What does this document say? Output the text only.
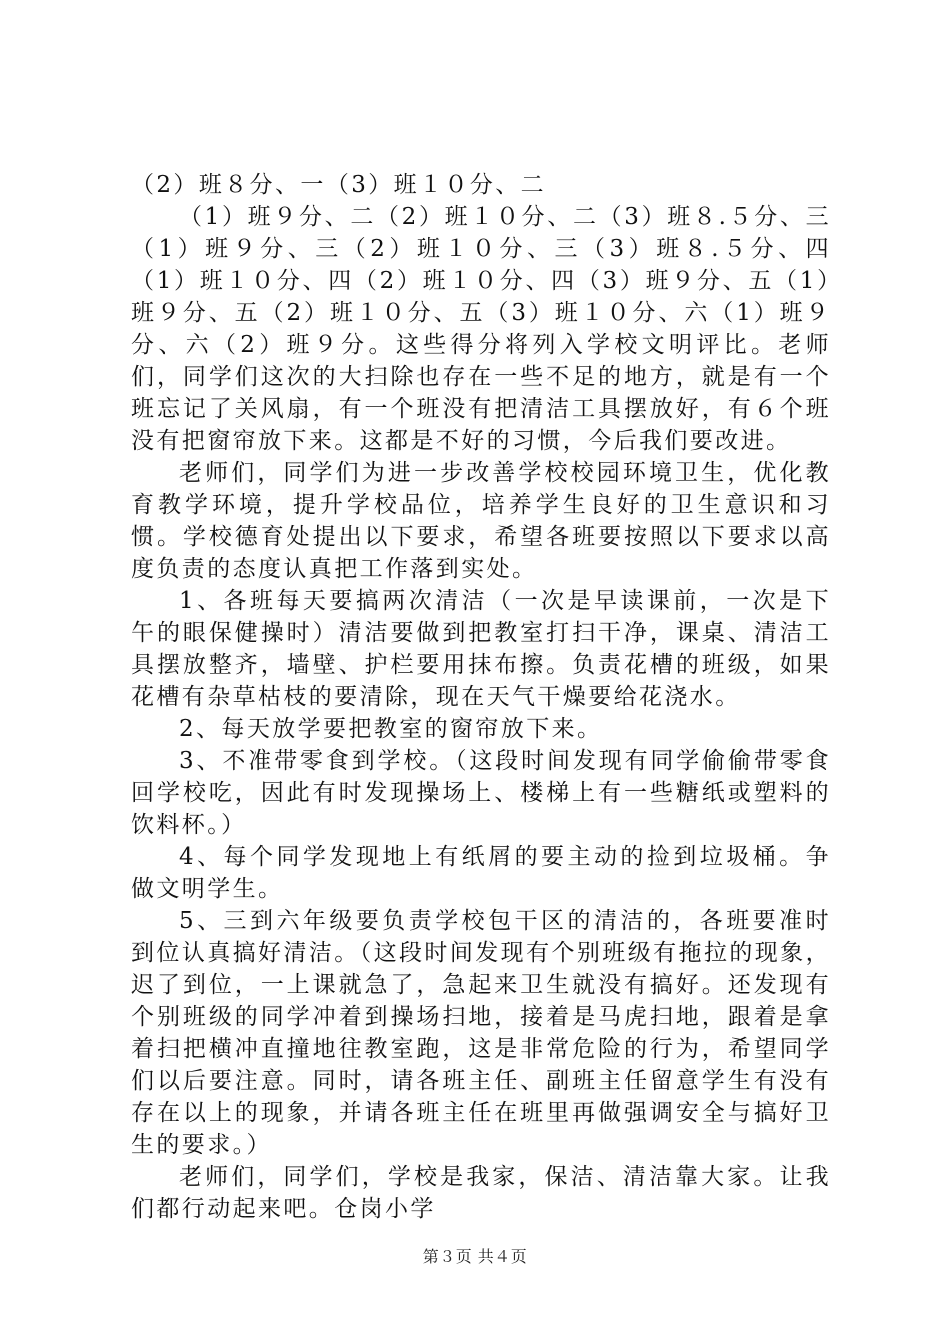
（2）班８分、一（3）班１０分、二

（1）班９分、二（2）班１０分、二（3）班８.５分、三（1）班９分、三（2）班１０分、三（3）班８.５分、四（1）班１０分、四（2）班１０分、四（3）班９分、五（1）班９分、五（2）班１０分、五（3）班１０分、六（1）班９分、六（2）班９分。这些得分将列入学校文明评比。老师们，同学们这次的大扫除也存在一些不足的地方，就是有一个班忘记了关风扇，有一个班没有把清洁工具摆放好，有６个班没有把窗帘放下来。这都是不好的习惯，今后我们要改进。

老师们，同学们为进一步改善学校校园环境卫生，优化教育教学环境，提升学校品位，培养学生良好的卫生意识和习惯。学校德育处提出以下要求，希望各班要按照以下要求以高度负责的态度认真把工作落到实处。

1、各班每天要搞两次清洁（一次是早读课前，一次是下午的眼保健操时）清洁要做到把教室打扫干净，课桌、清洁工具摆放整齐，墙壁、护栏要用抹布擦。负责花槽的班级，如果花槽有杂草枯枝的要清除，现在天气干燥要给花浇水。

2、每天放学要把教室的窗帘放下来。

3、不准带零食到学校。（这段时间发现有同学偷偷带零食回学校吃，因此有时发现操场上、楼梯上有一些糖纸或塑料的饮料杯。）

4、每个同学发现地上有纸屑的要主动的捡到垃圾桶。争做文明学生。

5、三到六年级要负责学校包干区的清洁的，各班要准时到位认真搞好清洁。（这段时间发现有个别班级有拖拉的现象，迟了到位，一上课就急了，急起来卫生就没有搞好。还发现有个别班级的同学冲着到操场扫地，接着是马虎扫地，跟着是拿着扫把横冲直撞地往教室跑，这是非常危险的行为，希望同学们以后要注意。同时，请各班主任、副班主任留意学生有没有存在以上的现象，并请各班主任在班里再做强调安全与搞好卫生的要求。）

老师们，同学们，学校是我家，保洁、清洁靠大家。让我们都行动起来吧。仓岗小学

第３页 共４页
